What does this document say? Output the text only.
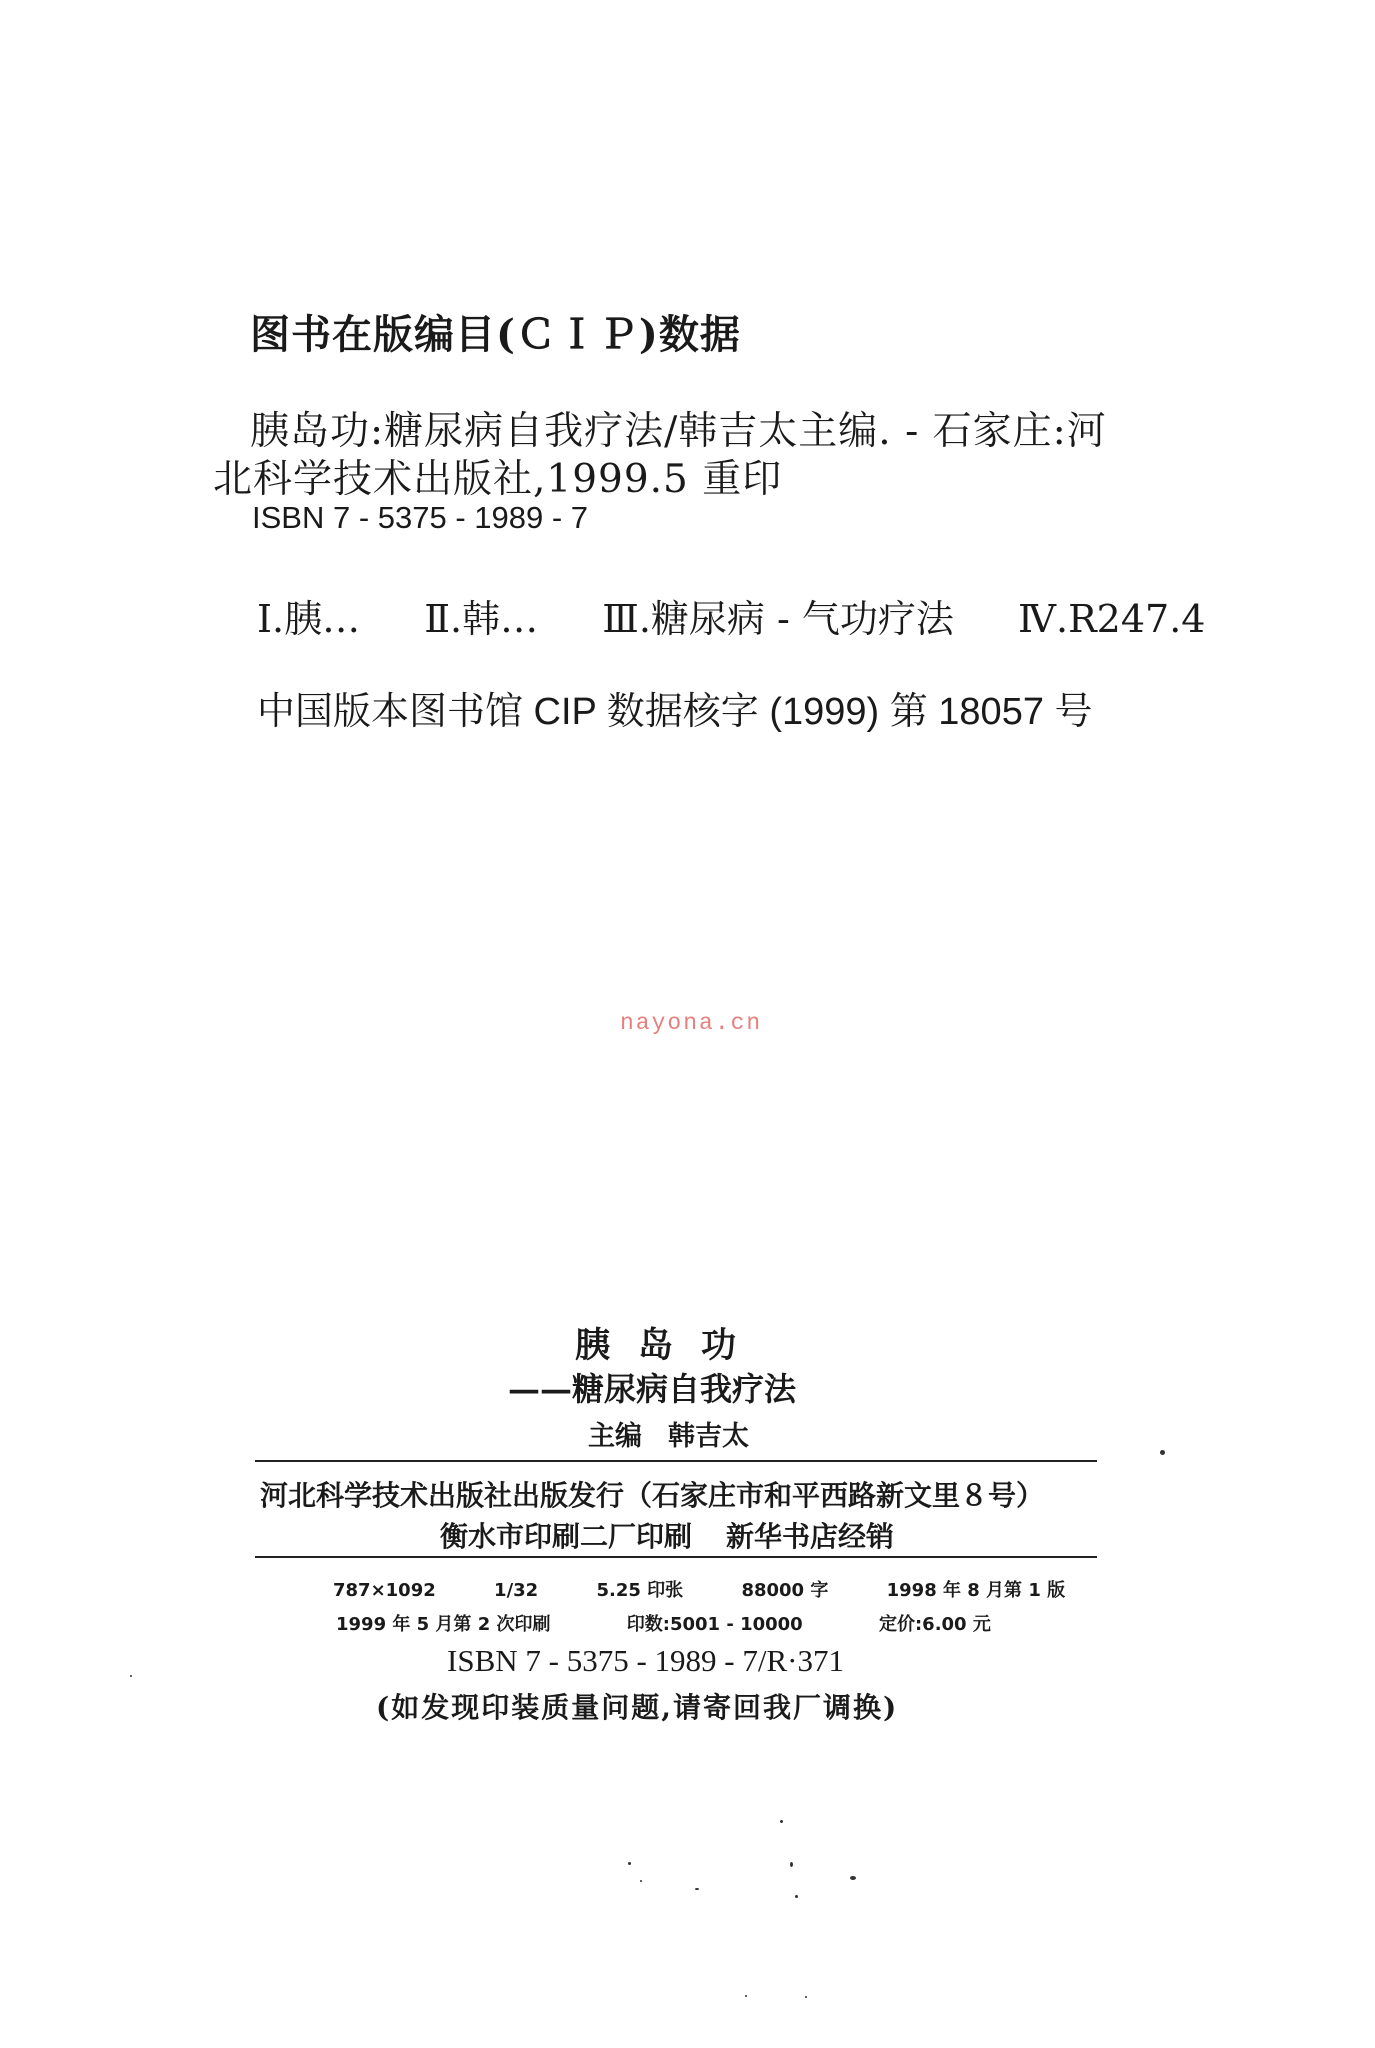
图书在版编目(ＣＩＰ)数据
胰岛功:糖尿病自我疗法/韩吉太主编. - 石家庄:河
北科学技术出版社,1999.5 重印
ISBN 7 - 5375 - 1989 - 7
Ⅰ.胰… Ⅱ.韩… Ⅲ.糖尿病 - 气功疗法 Ⅳ.R247.4
中国版本图书馆 CIP 数据核字 (1999) 第 18057 号
nayona.cn
胰岛功
——糖尿病自我疗法
主编 韩吉太
河北科学技术出版社出版发行（石家庄市和平西路新文里８号）
衡水市印刷二厂印刷 新华书店经销
787×1092	1/32	5.25 印张	88000 字	1998 年 8 月第 1 版
1999 年 5 月第 2 次印刷	印数:5001 - 10000	定价:6.00 元
ISBN 7 - 5375 - 1989 - 7/R·371
(如发现印装质量问题,请寄回我厂调换)
